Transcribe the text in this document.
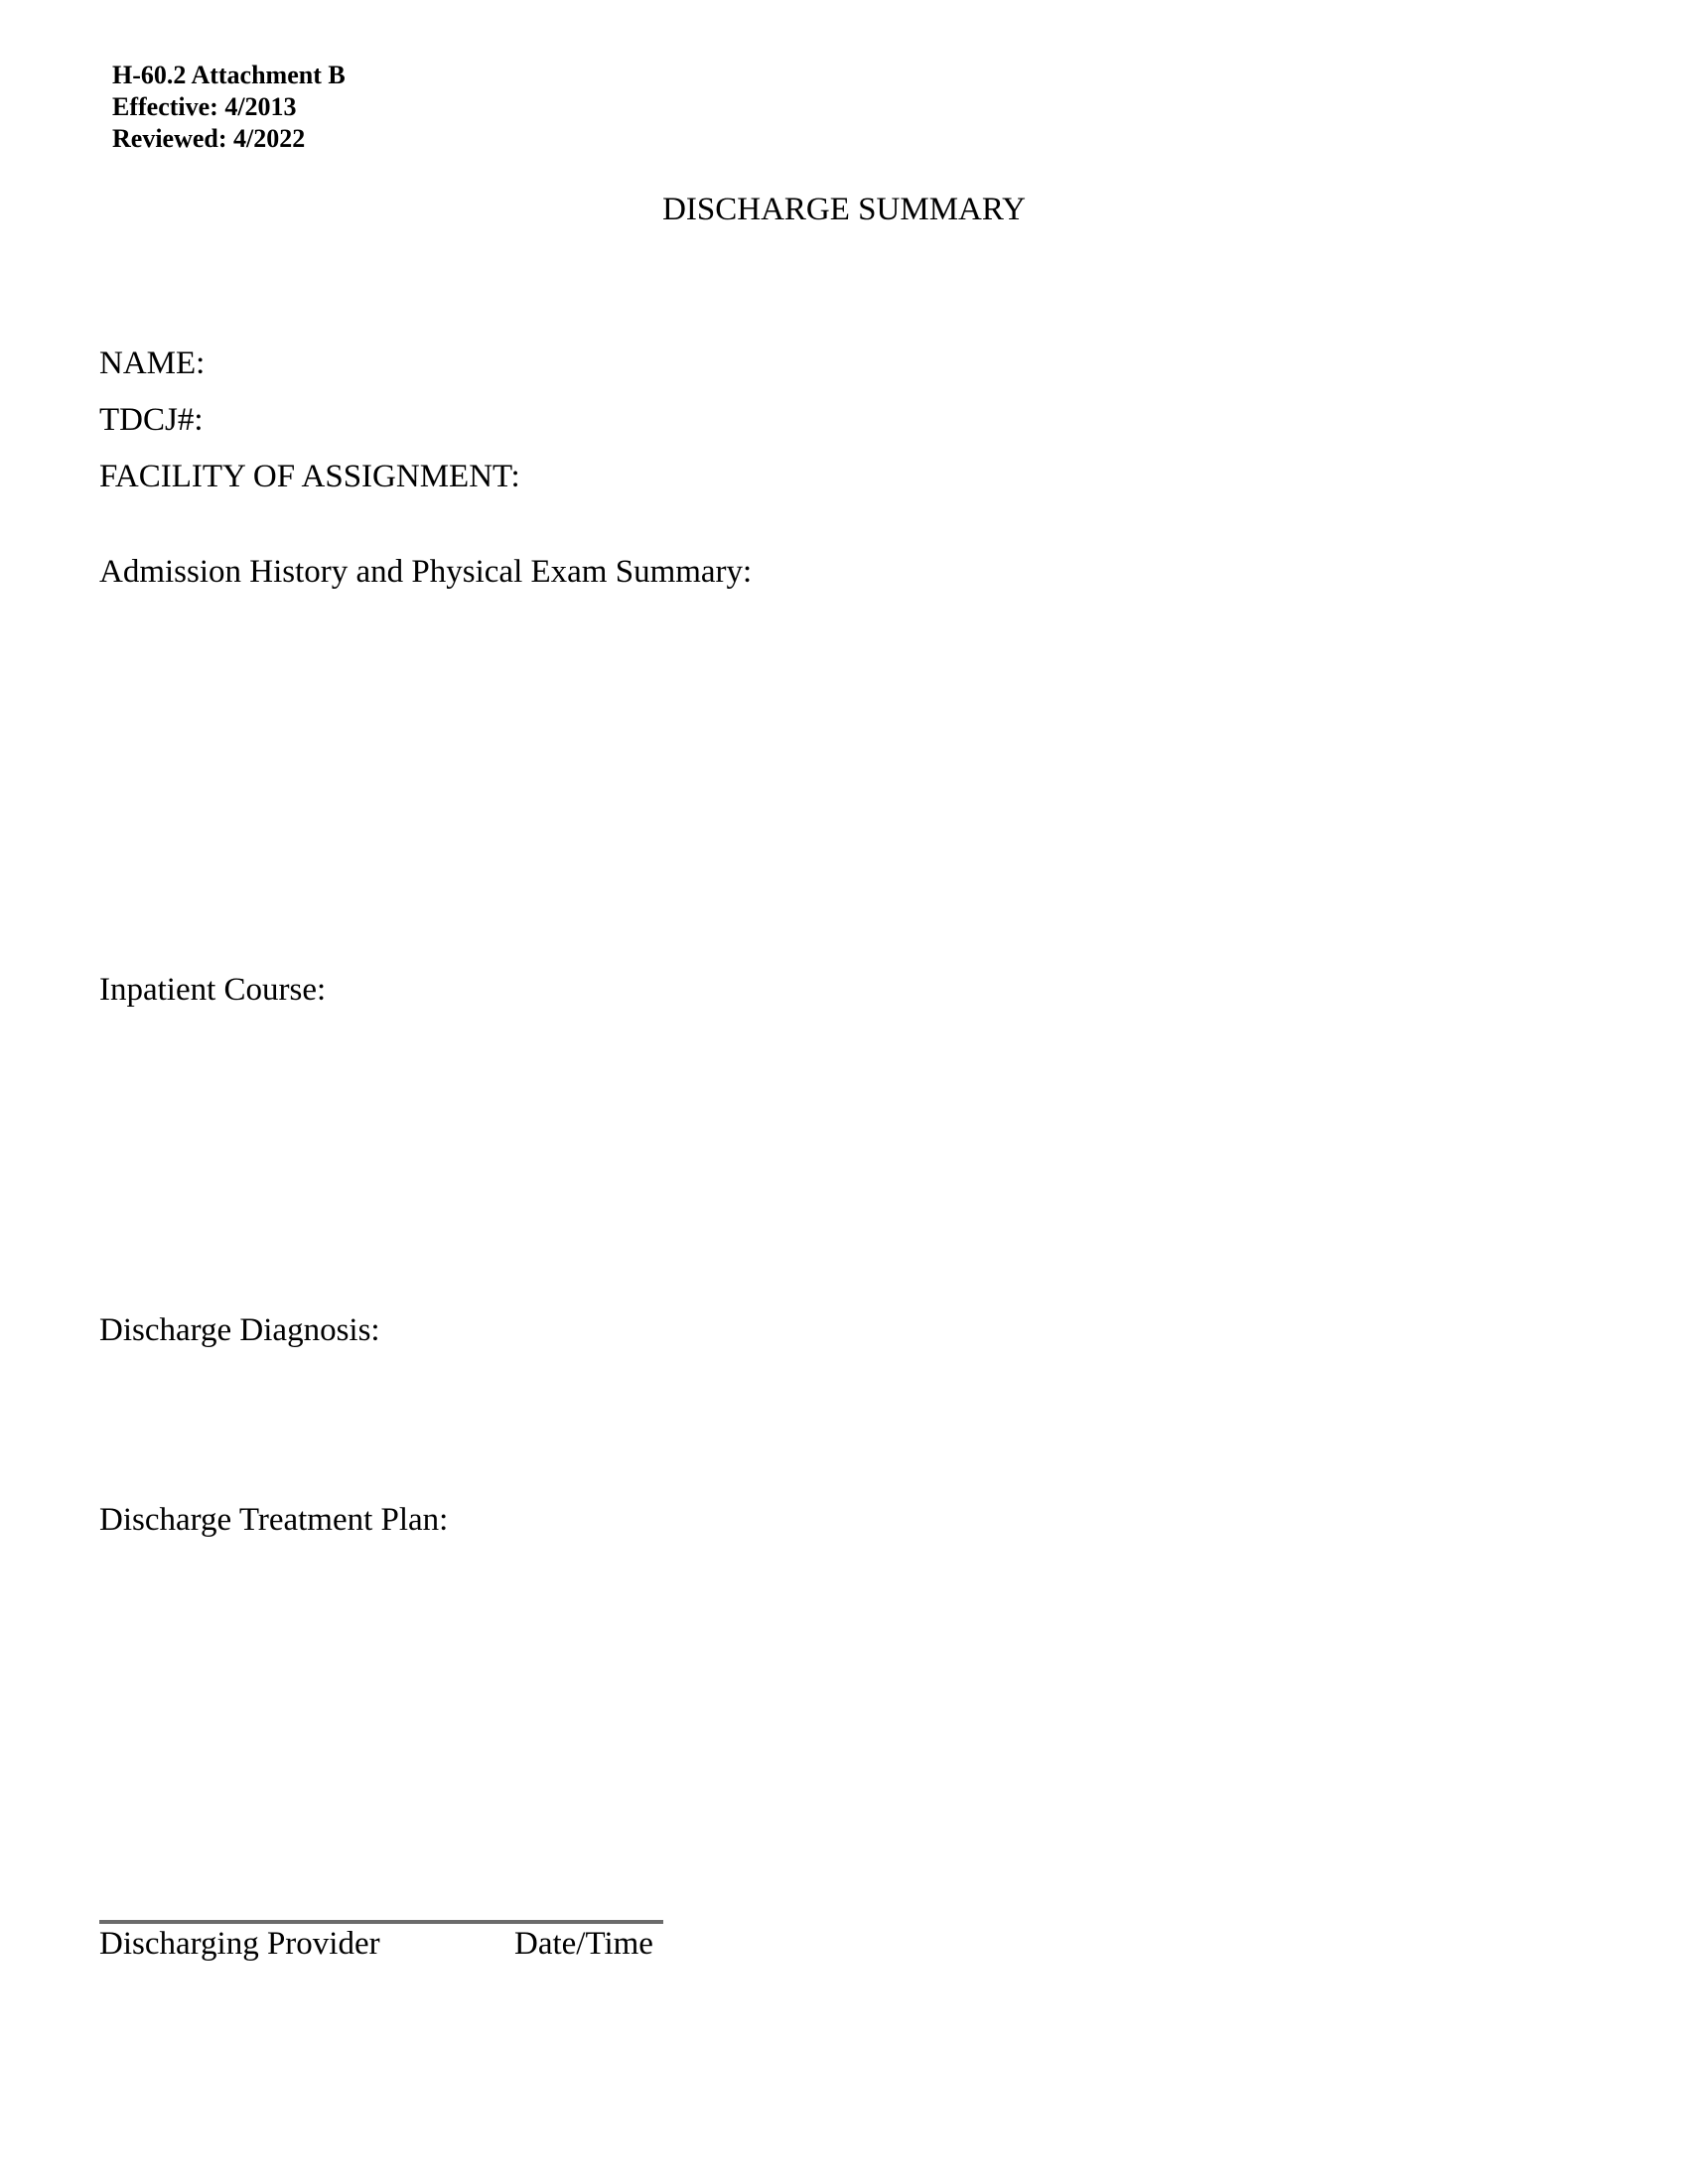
H-60.2 Attachment B
Effective: 4/2013
Reviewed: 4/2022
DISCHARGE SUMMARY
NAME:
TDCJ#:
FACILITY OF ASSIGNMENT:
Admission History and Physical Exam Summary:
Inpatient Course:
Discharge Diagnosis:
Discharge Treatment Plan:
Discharging Provider	Date/Time
